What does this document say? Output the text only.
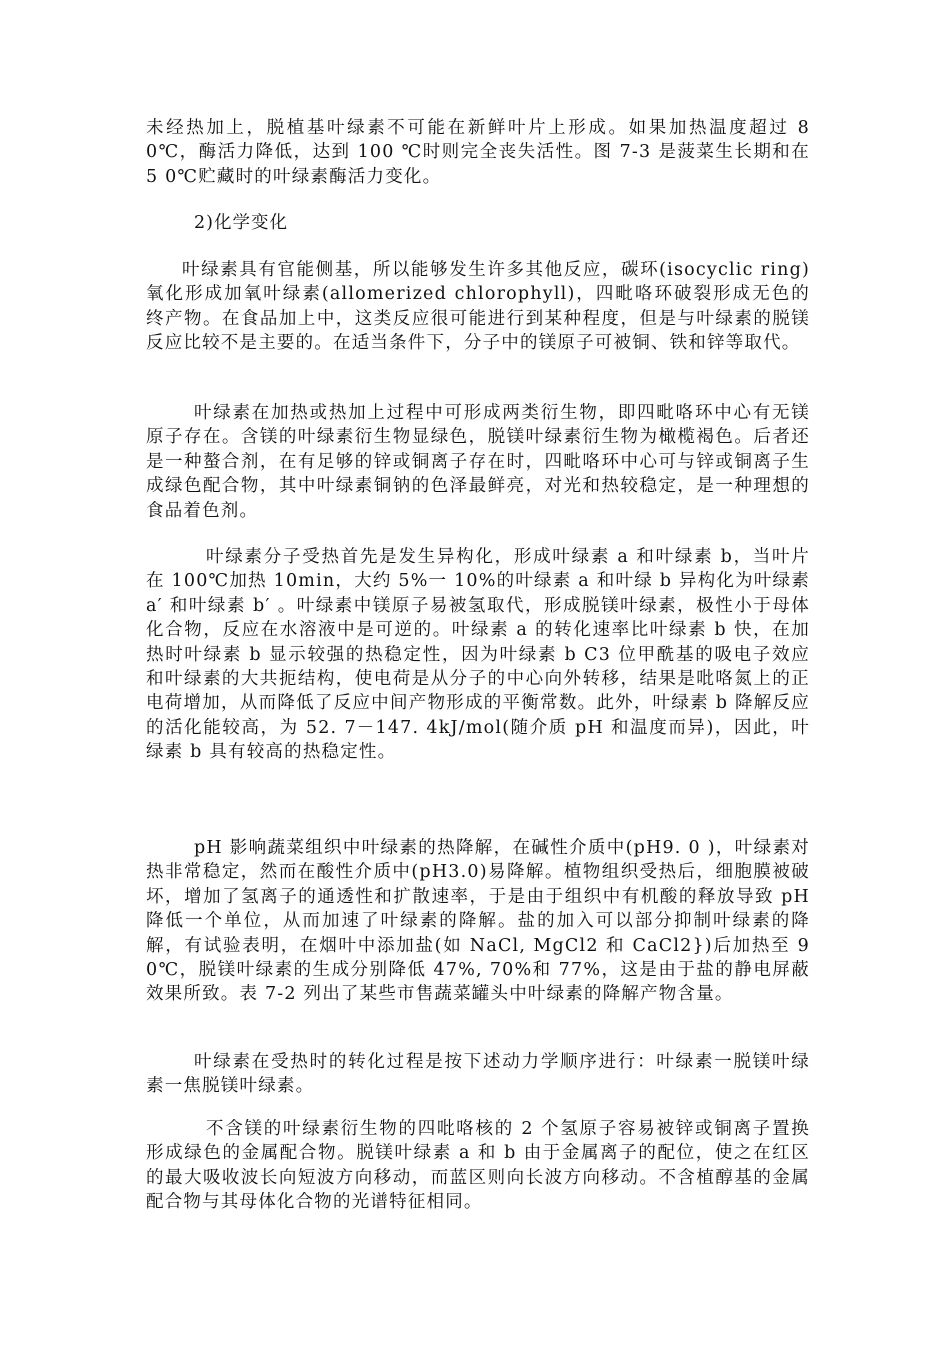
未经热加上，脱植基叶绿素不可能在新鲜叶片上形成。如果加热温度超过 80℃，酶活力降低，达到 100 ℃时则完全丧失活性。图 7-3 是菠菜生长期和在 5 0℃贮藏时的叶绿素酶活力变化。

2)化学变化

叶绿素具有官能侧基，所以能够发生许多其他反应，碳环(isocyclic ring)氧化形成加氧叶绿素(allomerized chlorophyll)，四毗咯环破裂形成无色的终产物。在食品加上中，这类反应很可能进行到某种程度，但是与叶绿素的脱镁反应比较不是主要的。在适当条件下，分子中的镁原子可被铜、铁和锌等取代。

叶绿素在加热或热加上过程中可形成两类衍生物，即四毗咯环中心有无镁原子存在。含镁的叶绿素衍生物显绿色，脱镁叶绿素衍生物为橄榄褐色。后者还是一种螯合剂，在有足够的锌或铜离子存在时，四毗咯环中心可与锌或铜离子生成绿色配合物，其中叶绿素铜钠的色泽最鲜亮，对光和热较稳定，是一种理想的食品着色剂。

叶绿素分子受热首先是发生异构化，形成叶绿素 a 和叶绿素 b，当叶片在 100℃加热 10min，大约 5%一 10%的叶绿素 a 和叶绿 b 异构化为叶绿素 a′ 和叶绿素 b′ 。叶绿素中镁原子易被氢取代，形成脱镁叶绿素，极性小于母体化合物，反应在水溶液中是可逆的。叶绿素 a 的转化速率比叶绿素 b 快，在加热时叶绿素 b 显示较强的热稳定性，因为叶绿素 b C3 位甲酰基的吸电子效应和叶绿素的大共扼结构，使电荷是从分子的中心向外转移，结果是吡咯氮上的正电荷增加，从而降低了反应中间产物形成的平衡常数。此外，叶绿素 b 降解反应的活化能较高，为 52. 7－147. 4kJ/mol(随介质 pH 和温度而异)，因此，叶绿素 b 具有较高的热稳定性。

pH 影响蔬菜组织中叶绿素的热降解，在碱性介质中(pH9. 0 )，叶绿素对热非常稳定，然而在酸性介质中(pH3.0)易降解。植物组织受热后，细胞膜被破坏，增加了氢离子的通透性和扩散速率，于是由于组织中有机酸的释放导致 pH 降低一个单位，从而加速了叶绿素的降解。盐的加入可以部分抑制叶绿素的降解，有试验表明，在烟叶中添加盐(如 NaCl, MgCl2 和 CaCl2})后加热至 90℃，脱镁叶绿素的生成分别降低 47%, 70%和 77%，这是由于盐的静电屏蔽效果所致。表 7-2 列出了某些市售蔬菜罐头中叶绿素的降解产物含量。

叶绿素在受热时的转化过程是按下述动力学顺序进行：叶绿素一脱镁叶绿素一焦脱镁叶绿素。

不含镁的叶绿素衍生物的四吡咯核的 2 个氢原子容易被锌或铜离子置换形成绿色的金属配合物。脱镁叶绿素 a 和 b 由于金属离子的配位，使之在红区的最大吸收波长向短波方向移动，而蓝区则向长波方向移动。不含植醇基的金属配合物与其母体化合物的光谱特征相同。
